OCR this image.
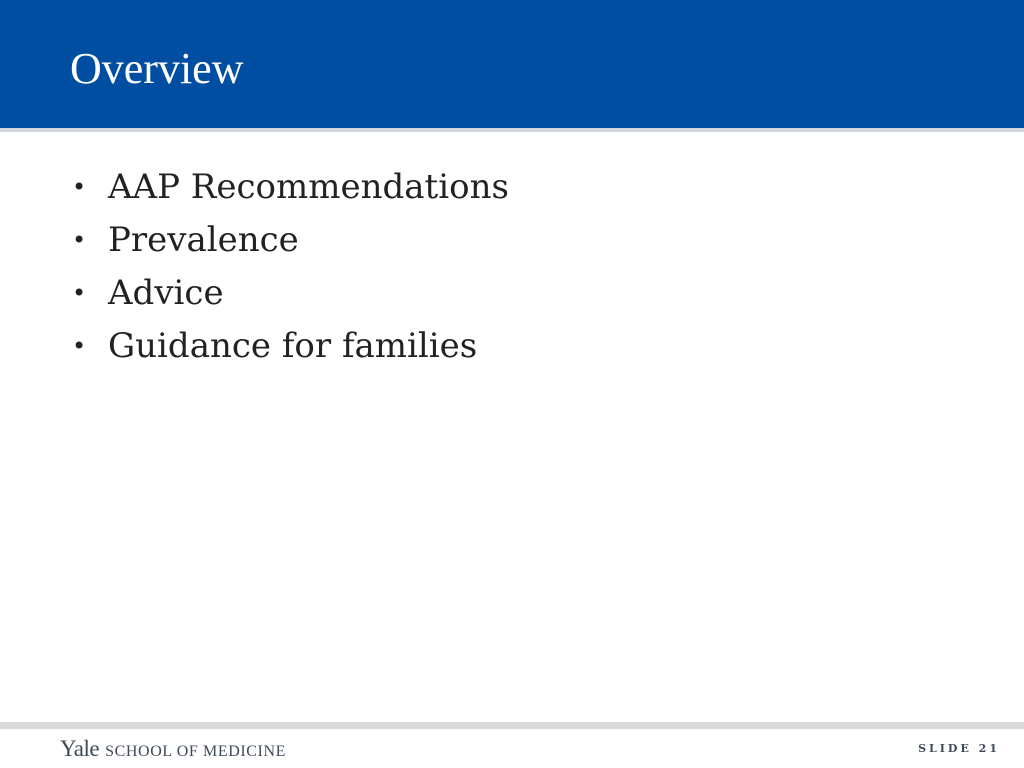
Overview
• AAP Recommendations
• Prevalence
• Advice
• Guidance for families
Yale SCHOOL OF MEDICINE	SLIDE 21
